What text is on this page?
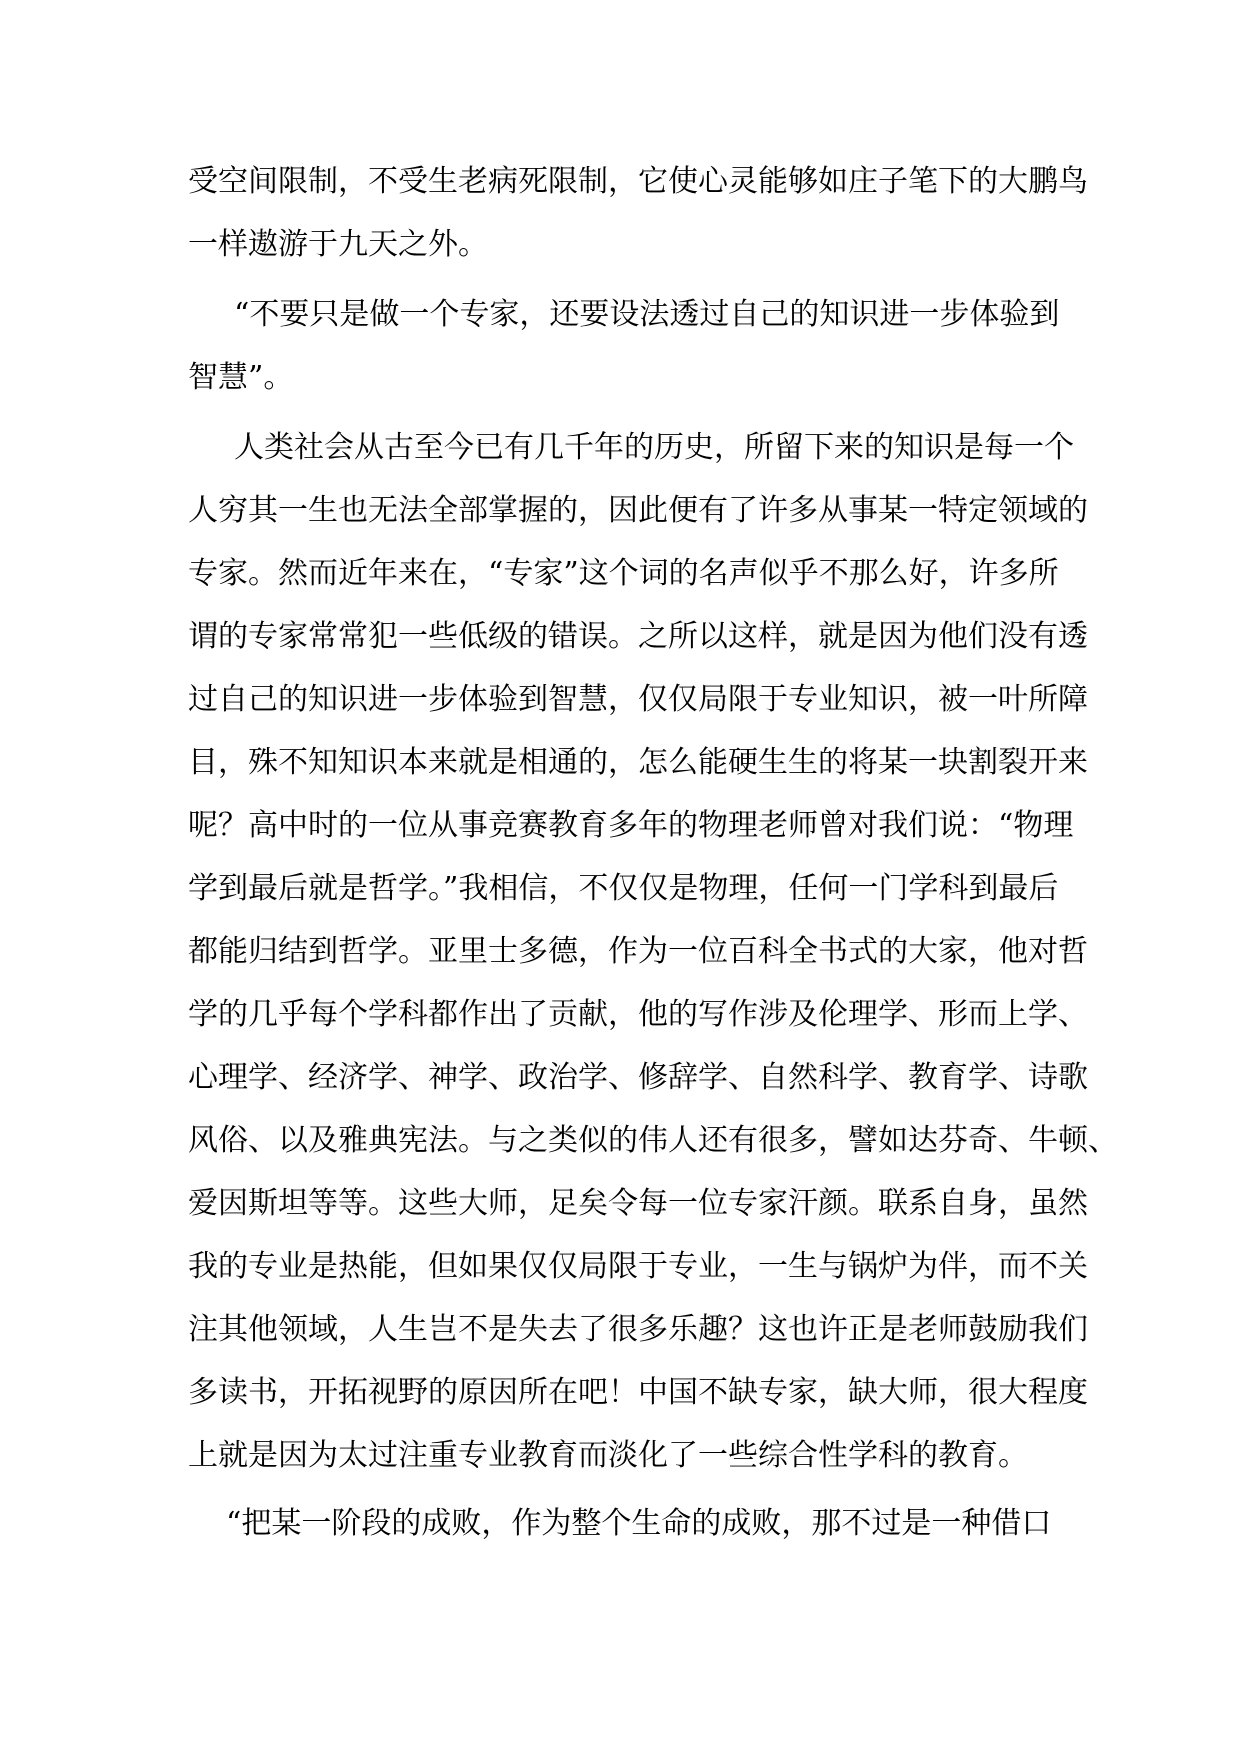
受空间限制，不受生老病死限制，它使心灵能够如庄子笔下的大鹏鸟
一样遨游于九天之外。
“不要只是做一个专家，还要设法透过自己的知识进一步体验到
智慧”。
人类社会从古至今已有几千年的历史，所留下来的知识是每一个
人穷其一生也无法全部掌握的，因此便有了许多从事某一特定领域的
专家。然而近年来在，“专家”这个词的名声似乎不那么好，许多所
谓的专家常常犯一些低级的错误。之所以这样，就是因为他们没有透
过自己的知识进一步体验到智慧，仅仅局限于专业知识，被一叶所障
目，殊不知知识本来就是相通的，怎么能硬生生的将某一块割裂开来
呢？高中时的一位从事竞赛教育多年的物理老师曾对我们说：“物理
学到最后就是哲学。”我相信，不仅仅是物理，任何一门学科到最后
都能归结到哲学。亚里士多德，作为一位百科全书式的大家，他对哲
学的几乎每个学科都作出了贡献，他的写作涉及伦理学、形而上学、
心理学、经济学、神学、政治学、修辞学、自然科学、教育学、诗歌
风俗、以及雅典宪法。与之类似的伟人还有很多，譬如达芬奇、牛顿、
爱因斯坦等等。这些大师，足矣令每一位专家汗颜。联系自身，虽然
我的专业是热能，但如果仅仅局限于专业，一生与锅炉为伴，而不关
注其他领域，人生岂不是失去了很多乐趣？这也许正是老师鼓励我们
多读书，开拓视野的原因所在吧！中国不缺专家，缺大师，很大程度
上就是因为太过注重专业教育而淡化了一些综合性学科的教育。
“把某一阶段的成败，作为整个生命的成败，那不过是一种借口
